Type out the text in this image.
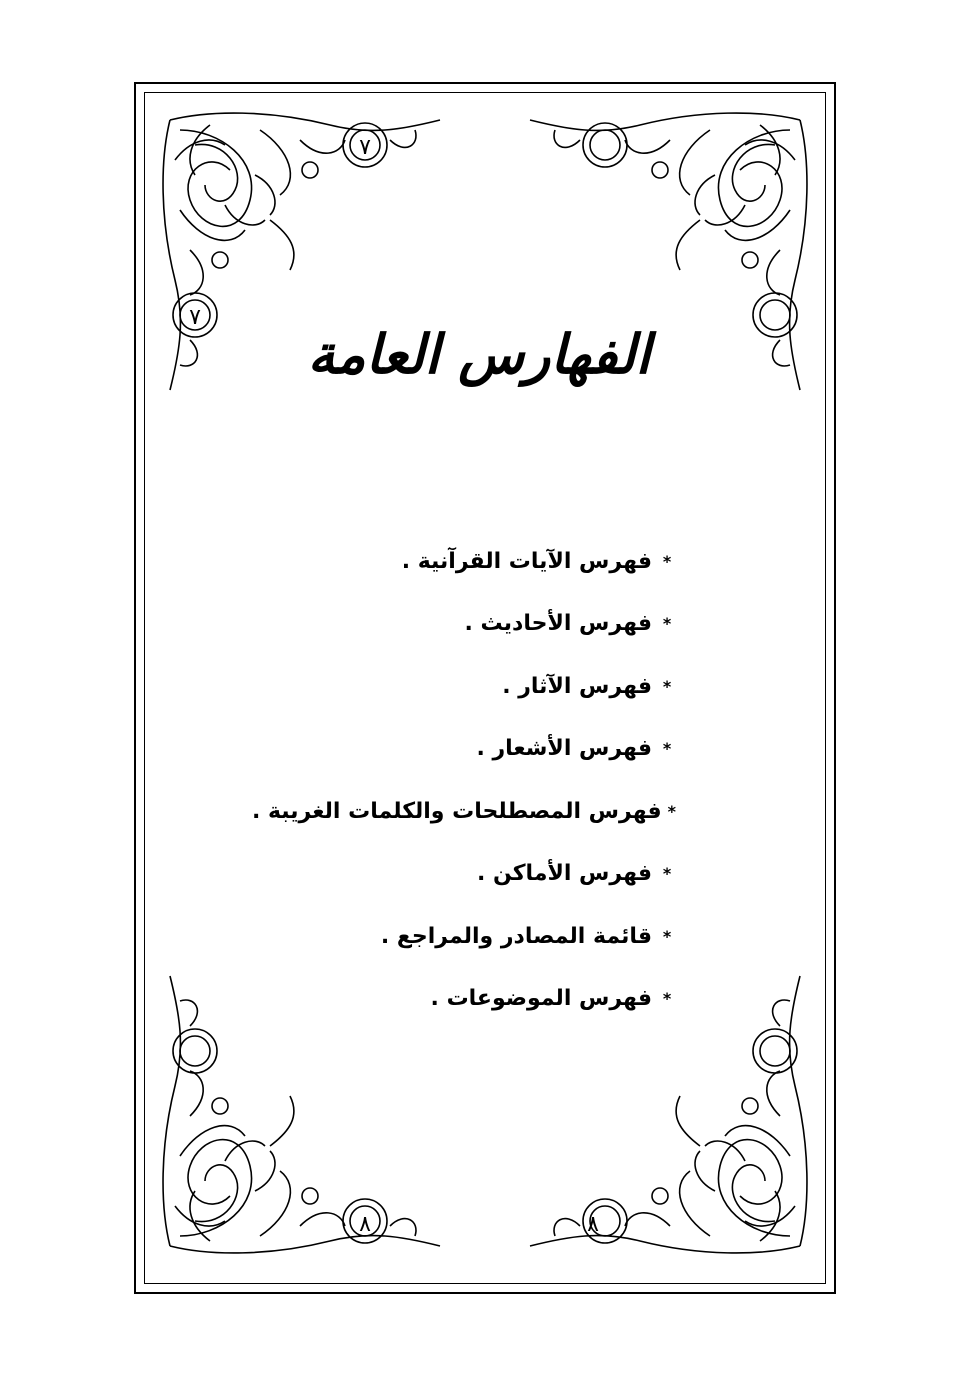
٧
٧
٨	٨
الفهارس العامة
*
فهرس الآيات القرآنية .
*
فهرس الأحاديث .
*
فهرس الآثار .
*
فهرس الأشعار .
*
فهرس المصطلحات والكلمات الغريبة .
*
فهرس الأماكن .
*
قائمة المصادر والمراجع .
*
فهرس الموضوعات .
